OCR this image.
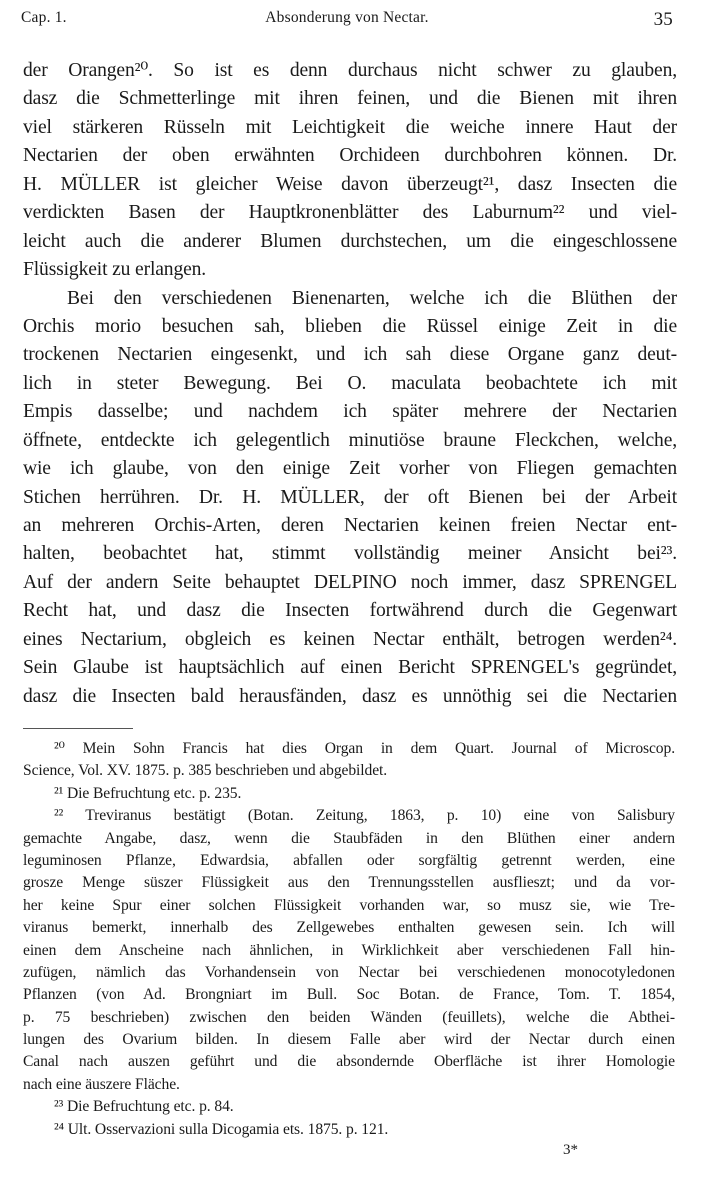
Cap. 1.	Absonderung von Nectar.	35
der Orangen²⁰. So ist es denn durchaus nicht schwer zu glauben,
dasz die Schmetterlinge mit ihren feinen, und die Bienen mit ihren
viel stärkeren Rüsseln mit Leichtigkeit die weiche innere Haut der
Nectarien der oben erwähnten Orchideen durchbohren können. Dr.
H. MÜLLER ist gleicher Weise davon überzeugt²¹, dasz Insecten die
verdickten Basen der Hauptkronenblätter des Laburnum²² und viel-
leicht auch die anderer Blumen durchstechen, um die eingeschlossene
Flüssigkeit zu erlangen.
Bei den verschiedenen Bienenarten, welche ich die Blüthen der
Orchis morio besuchen sah, blieben die Rüssel einige Zeit in die
trockenen Nectarien eingesenkt, und ich sah diese Organe ganz deut-
lich in steter Bewegung. Bei O. maculata beobachtete ich mit
Empis dasselbe; und nachdem ich später mehrere der Nectarien
öffnete, entdeckte ich gelegentlich minutiöse braune Fleckchen, welche,
wie ich glaube, von den einige Zeit vorher von Fliegen gemachten
Stichen herrühren. Dr. H. MÜLLER, der oft Bienen bei der Arbeit
an mehreren Orchis-Arten, deren Nectarien keinen freien Nectar ent-
halten, beobachtet hat, stimmt vollständig meiner Ansicht bei²³.
Auf der andern Seite behauptet DELPINO noch immer, dasz SPRENGEL
Recht hat, und dasz die Insecten fortwährend durch die Gegenwart
eines Nectarium, obgleich es keinen Nectar enthält, betrogen werden²⁴.
Sein Glaube ist hauptsächlich auf einen Bericht SPRENGEL's gegründet,
dasz die Insecten bald herausfänden, dasz es unnöthig sei die Nectarien
²⁰ Mein Sohn Francis hat dies Organ in dem Quart. Journal of Microscop.
Science, Vol. XV. 1875. p. 385 beschrieben und abgebildet.
²¹ Die Befruchtung etc. p. 235.
²² Treviranus bestätigt (Botan. Zeitung, 1863, p. 10) eine von Salisbury
gemachte Angabe, dasz, wenn die Staubfäden in den Blüthen einer andern
leguminosen Pflanze, Edwardsia, abfallen oder sorgfältig getrennt werden, eine
grosze Menge süszer Flüssigkeit aus den Trennungsstellen ausflieszt; und da vor-
her keine Spur einer solchen Flüssigkeit vorhanden war, so musz sie, wie Tre-
viranus bemerkt, innerhalb des Zellgewebes enthalten gewesen sein. Ich will
einen dem Anscheine nach ähnlichen, in Wirklichkeit aber verschiedenen Fall hin-
zufügen, nämlich das Vorhandensein von Nectar bei verschiedenen monocotyledonen
Pflanzen (von Ad. Brongniart im Bull. Soc Botan. de France, Tom. T. 1854,
p. 75 beschrieben) zwischen den beiden Wänden (feuillets), welche die Abthei-
lungen des Ovarium bilden. In diesem Falle aber wird der Nectar durch einen
Canal nach auszen geführt und die absondernde Oberfläche ist ihrer Homologie
nach eine äuszere Fläche.
²³ Die Befruchtung etc. p. 84.
²⁴ Ult. Osservazioni sulla Dicogamia ets. 1875. p. 121.
3*
